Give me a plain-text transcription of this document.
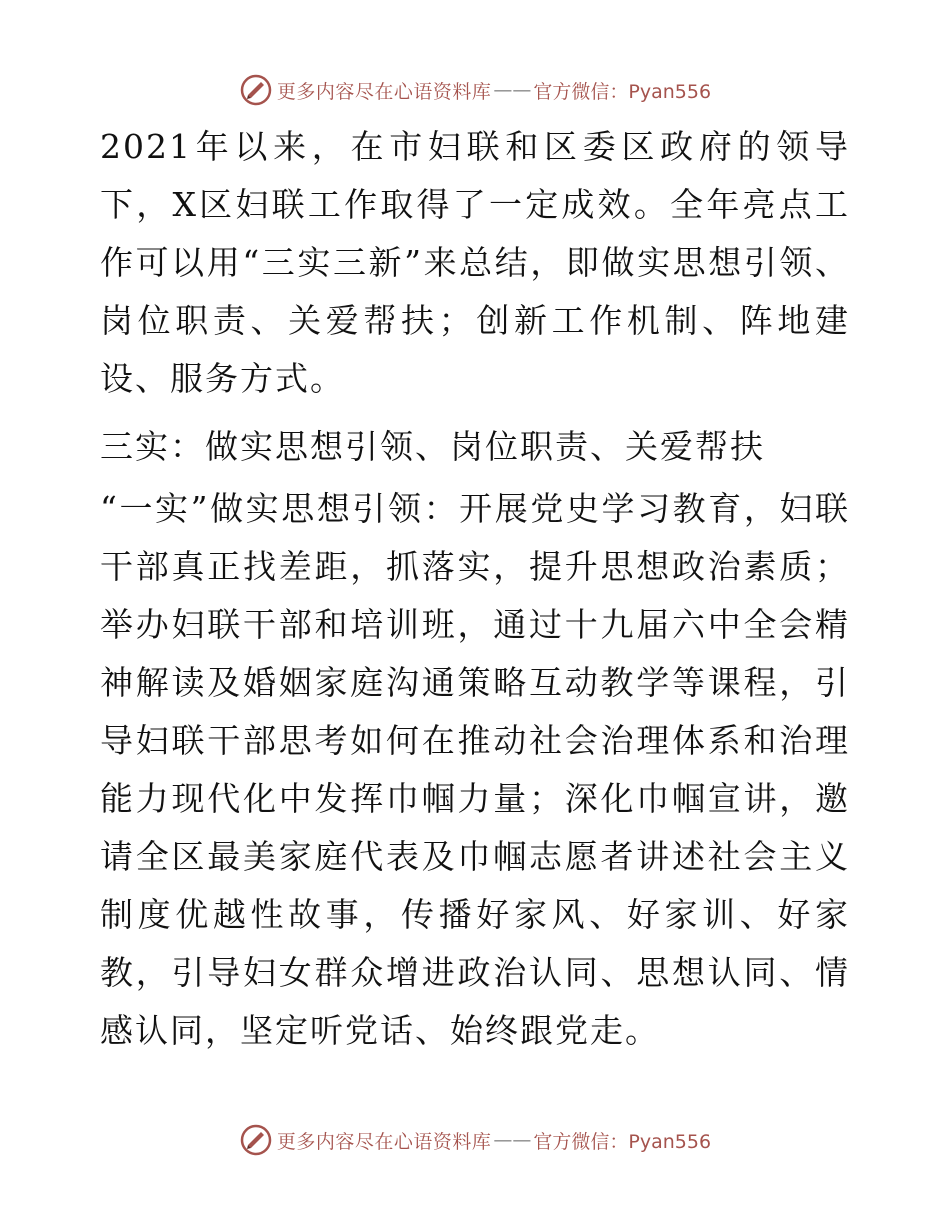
更多内容尽在心语资料库 —— 官方微信：Pyan556

2021年以来，在市妇联和区委区政府的领导下，X区妇联工作取得了一定成效。全年亮点工作可以用“三实三新”来总结，即做实思想引领、岗位职责、关爱帮扶；创新工作机制、阵地建设、服务方式。

三实：做实思想引领、岗位职责、关爱帮扶

“一实”做实思想引领：开展党史学习教育，妇联干部真正找差距，抓落实，提升思想政治素质；举办妇联干部和培训班，通过十九届六中全会精神解读及婚姻家庭沟通策略互动教学等课程，引导妇联干部思考如何在推动社会治理体系和治理能力现代化中发挥巾帼力量；深化巾帼宣讲，邀请全区最美家庭代表及巾帼志愿者讲述社会主义制度优越性故事，传播好家风、好家训、好家教，引导妇女群众增进政治认同、思想认同、情感认同，坚定听党话、始终跟党走。

更多内容尽在心语资料库 —— 官方微信：Pyan556
